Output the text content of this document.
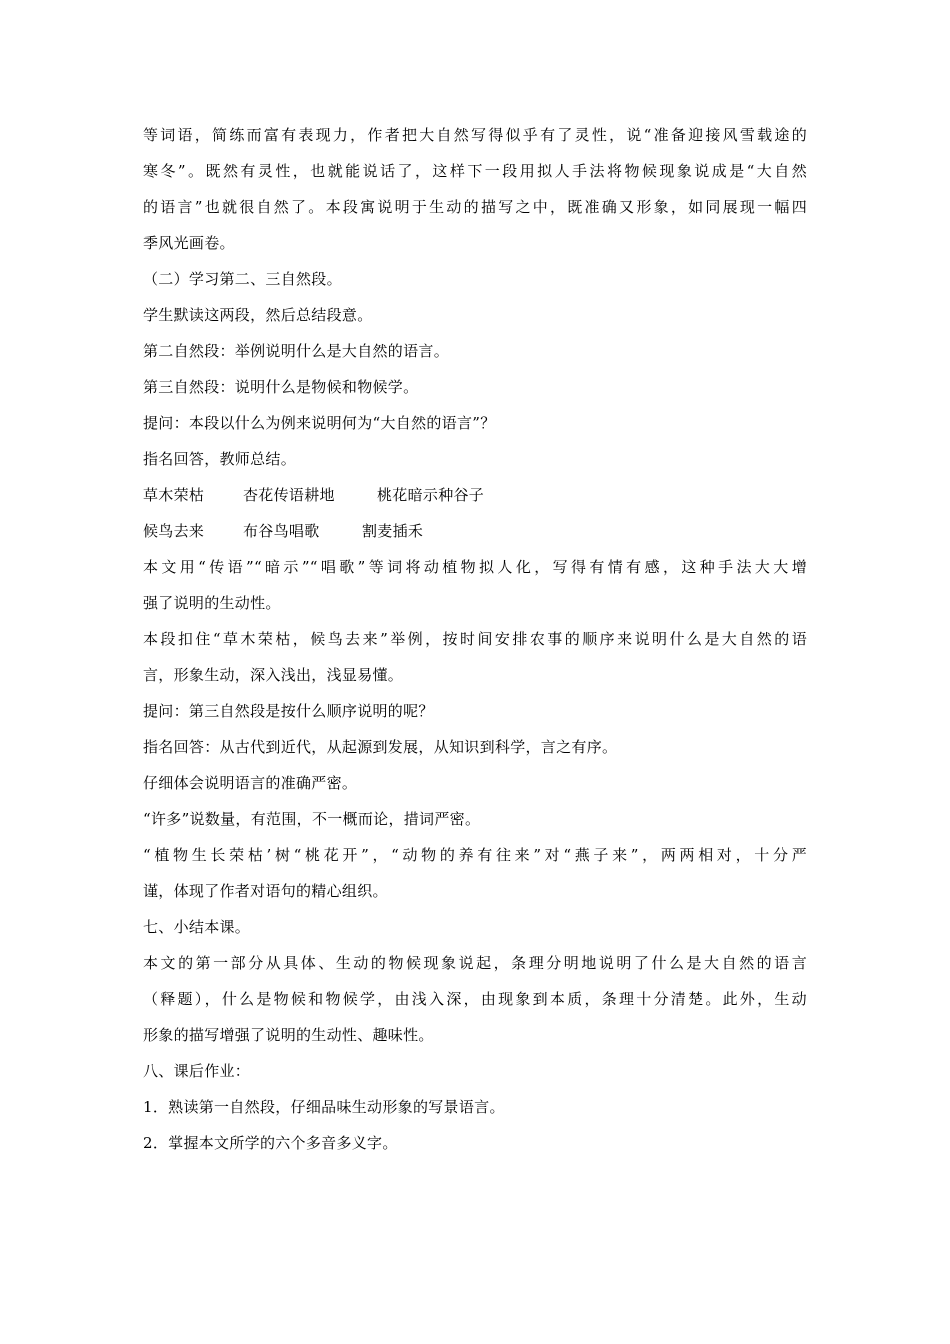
等词语，简练而富有表现力，作者把大自然写得似乎有了灵性，说“准备迎接风雪载途的
寒冬”。既然有灵性，也就能说话了，这样下一段用拟人手法将物候现象说成是“大自然
的语言”也就很自然了。本段寓说明于生动的描写之中，既准确又形象，如同展现一幅四
季风光画卷。
（二）学习第二、三自然段。
学生默读这两段，然后总结段意。
第二自然段：举例说明什么是大自然的语言。
第三自然段：说明什么是物候和物候学。
提问：本段以什么为例来说明何为“大自然的语言”？
指名回答，教师总结。
草木荣枯	杏花传语耕地	桃花暗示种谷子
候鸟去来	布谷鸟唱歌	割麦插禾
本文用“传语”“暗示”“唱歌”等词将动植物拟人化，写得有情有感，这种手法大大增
强了说明的生动性。
本段扣住“草木荣枯，候鸟去来”举例，按时间安排农事的顺序来说明什么是大自然的语
言，形象生动，深入浅出，浅显易懂。
提问：第三自然段是按什么顺序说明的呢？
指名回答：从古代到近代，从起源到发展，从知识到科学，言之有序。
仔细体会说明语言的准确严密。
“许多”说数量，有范围，不一概而论，措词严密。
“植物生长荣枯’树“桃花开”，“动物的养有往来”对“燕子来”，两两相对，十分严
谨，体现了作者对语句的精心组织。
七、小结本课。
本文的第一部分从具体、生动的物候现象说起，条理分明地说明了什么是大自然的语言
（释题），什么是物候和物候学，由浅入深，由现象到本质，条理十分清楚。此外，生动
形象的描写增强了说明的生动性、趣味性。
八、课后作业：
1．熟读第一自然段，仔细品味生动形象的写景语言。
2．掌握本文所学的六个多音多义字。
